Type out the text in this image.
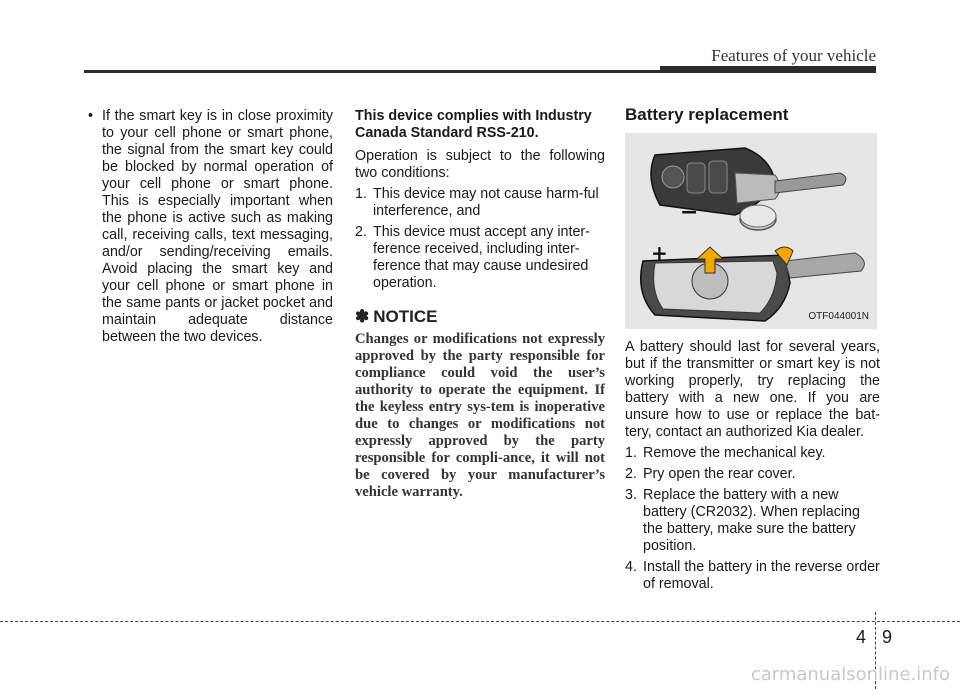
Features of your vehicle

• If the smart key is in close proximity to your cell phone or smart phone, the signal from the smart key could be blocked by normal operation of your cell phone or smart phone. This is especially important when the phone is active such as making call, receiving calls, text messaging, and/or sending/receiving emails. Avoid placing the smart key and your cell phone or smart phone in the same pants or jacket pocket and maintain adequate distance between the two devices.

This device complies with Industry Canada Standard RSS-210.

Operation is subject to the following two conditions:

1. This device may not cause harm-ful interference, and
2. This device must accept any inter-ference received, including inter-ference that may cause undesired operation.
✽ NOTICE

Changes or modifications not expressly approved by the party responsible for compliance could void the user’s authority to operate the equipment. If the keyless entry sys-tem is inoperative due to changes or modifications not expressly approved by the party responsible for compli-ance, it will not be covered by your manufacturer’s vehicle warranty.

Battery replacement
−
+
OTF044001N

A battery should last for several years, but if the transmitter or smart key is not working properly, try replacing the battery with a new one. If you are unsure how to use or replace the bat-tery, contact an authorized Kia dealer.

1. Remove the mechanical key.
2. Pry open the rear cover.
3. Replace the battery with a new battery (CR2032). When replacing the battery, make sure the battery position.
4. Install the battery in the reverse order of removal.
4 9
carmanualsonline.info
